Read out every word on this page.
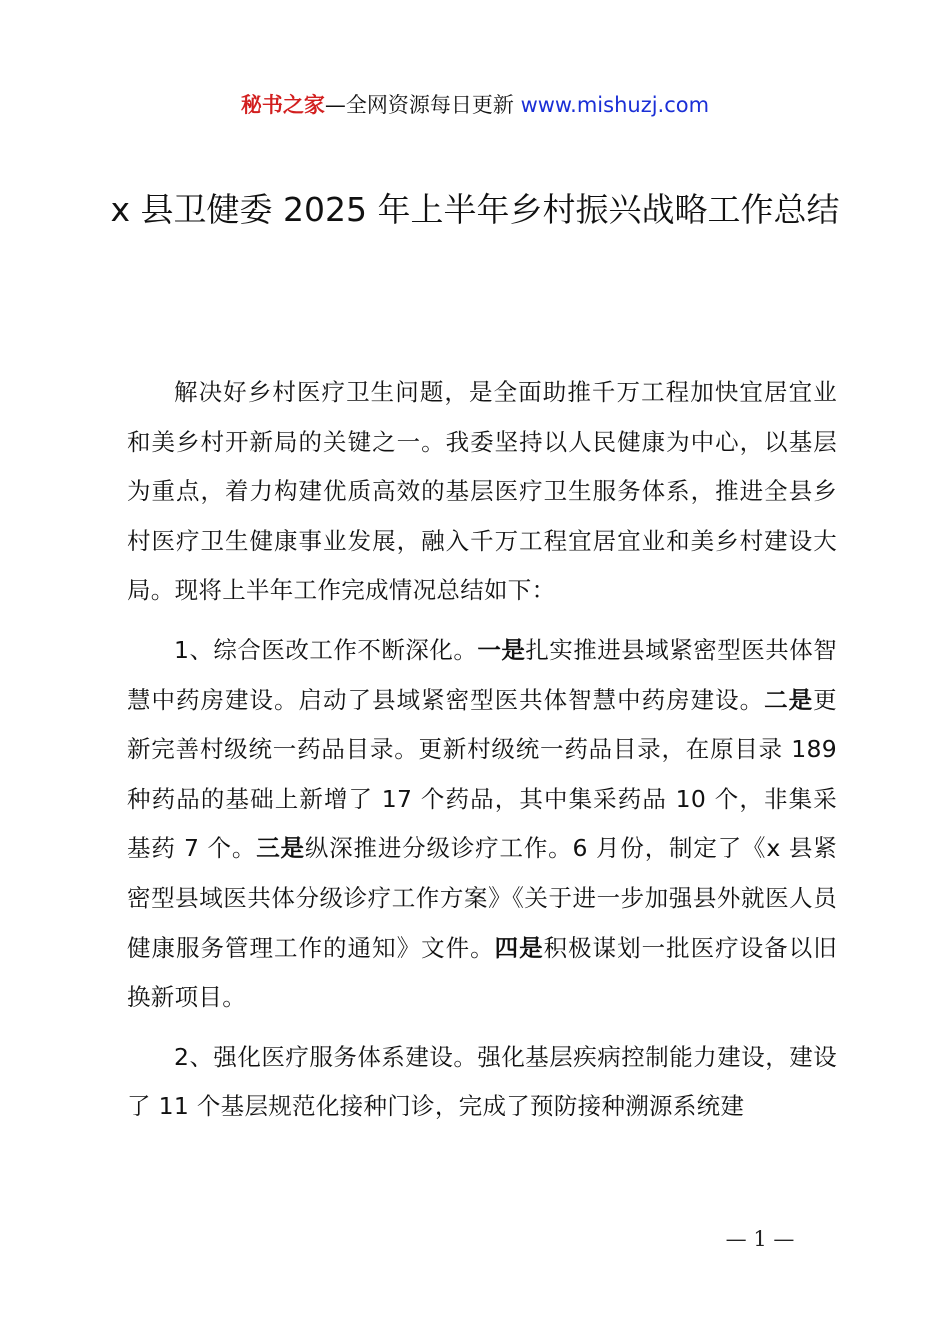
秘书之家—全网资源每日更新 www.mishuzj.com
x 县卫健委 2025 年上半年乡村振兴战略工作总结

解决好乡村医疗卫生问题，是全面助推千万工程加快宜居宜业和美乡村开新局的关键之一。我委坚持以人民健康为中心，以基层为重点，着力构建优质高效的基层医疗卫生服务体系，推进全县乡村医疗卫生健康事业发展，融入千万工程宜居宜业和美乡村建设大局。现将上半年工作完成情况总结如下：

1、综合医改工作不断深化。一是扎实推进县域紧密型医共体智慧中药房建设。启动了县域紧密型医共体智慧中药房建设。二是更新完善村级统一药品目录。更新村级统一药品目录，在原目录 189 种药品的基础上新增了 17 个药品，其中集采药品 10 个，非集采基药 7 个。三是纵深推进分级诊疗工作。6 月份，制定了《x 县紧密型县域医共体分级诊疗工作方案》《关于进一步加强县外就医人员健康服务管理工作的通知》文件。四是积极谋划一批医疗设备以旧换新项目。

2、强化医疗服务体系建设。强化基层疾病控制能力建设，建设了 11 个基层规范化接种门诊，完成了预防接种溯源系统建

— 1 —
